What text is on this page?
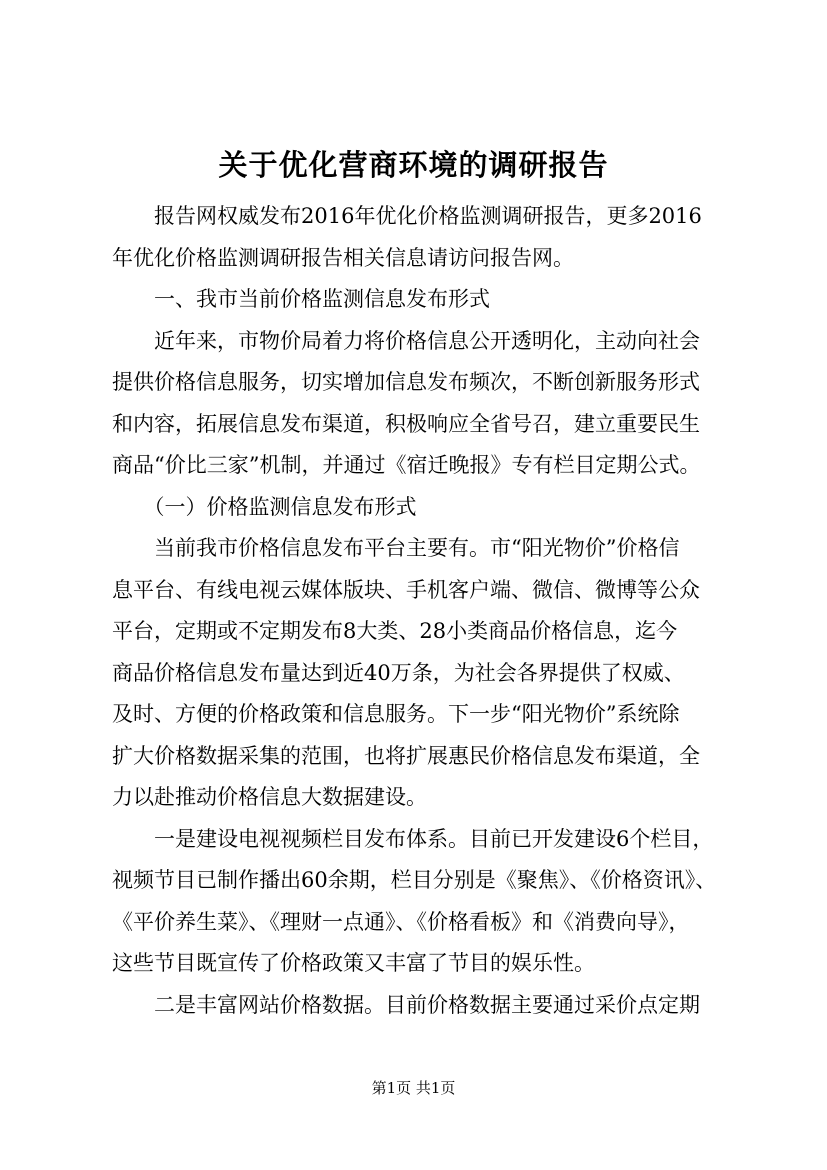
关于优化营商环境的调研报告
　　报告网权威发布2016年优化价格监测调研报告，更多2016
年优化价格监测调研报告相关信息请访问报告网。
　　一、我市当前价格监测信息发布形式
　　近年来，市物价局着力将价格信息公开透明化，主动向社会
提供价格信息服务，切实增加信息发布频次，不断创新服务形式
和内容，拓展信息发布渠道，积极响应全省号召，建立重要民生
商品“价比三家”机制，并通过《宿迁晚报》专有栏目定期公式。
　　（一）价格监测信息发布形式
　　当前我市价格信息发布平台主要有。市“阳光物价”价格信
息平台、有线电视云媒体版块、手机客户端、微信、微博等公众
平台，定期或不定期发布8大类、28小类商品价格信息，迄今
商品价格信息发布量达到近40万条，为社会各界提供了权威、
及时、方便的价格政策和信息服务。下一步“阳光物价”系统除
扩大价格数据采集的范围，也将扩展惠民价格信息发布渠道，全
力以赴推动价格信息大数据建设。
　　一是建设电视视频栏目发布体系。目前已开发建设6个栏目，
视频节目已制作播出60余期，栏目分别是《聚焦》、《价格资讯》、
《平价养生菜》、《理财一点通》、《价格看板》和《消费向导》，
这些节目既宣传了价格政策又丰富了节目的娱乐性。
　　二是丰富网站价格数据。目前价格数据主要通过采价点定期
第1页 共1页
